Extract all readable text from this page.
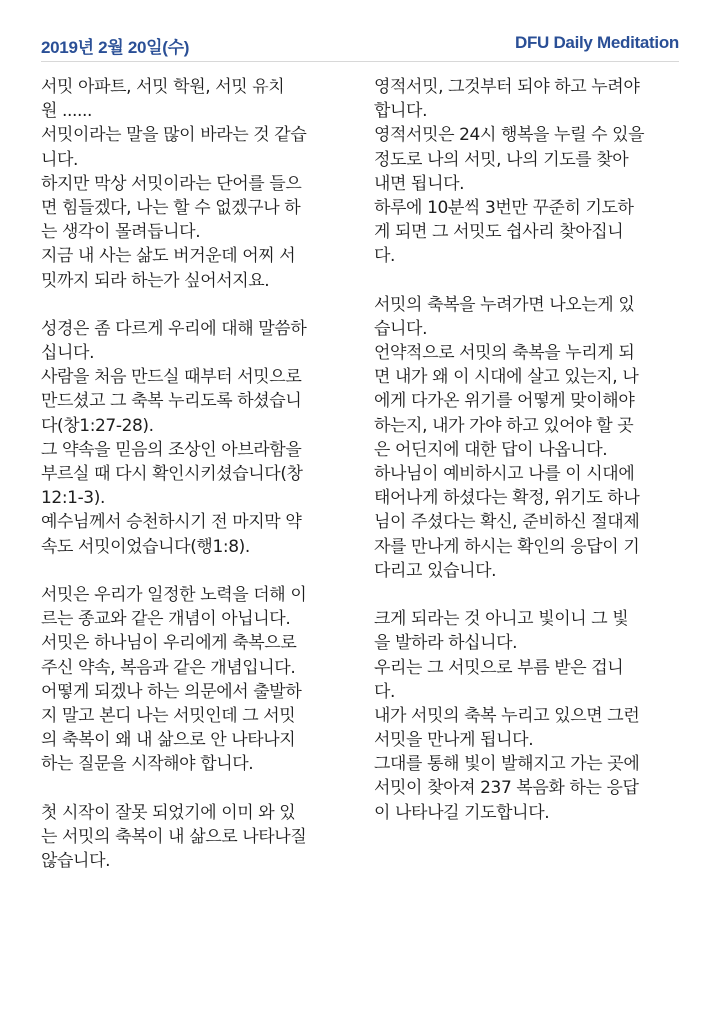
2019년 2월 20일(수)	DFU Daily Meditation
서밋 아파트, 서밋 학원, 서밋 유치
원 ......
서밋이라는 말을 많이 바라는 것 같습
니다.
하지만 막상 서밋이라는 단어를 들으
면 힘들겠다, 나는 할 수 없겠구나 하
는 생각이 몰려듭니다.
지금 내 사는 삶도 버거운데 어찌 서
밋까지 되라 하는가 싶어서지요.
성경은 좀 다르게 우리에 대해 말씀하
십니다.
사람을 처음 만드실 때부터 서밋으로
만드셨고 그 축복 누리도록 하셨습니
다(창1:27-28).
그 약속을 믿음의 조상인 아브라함을
부르실 때 다시 확인시키셨습니다(창
12:1-3).
예수님께서 승천하시기 전 마지막 약
속도 서밋이었습니다(행1:8).
서밋은 우리가 일정한 노력을 더해 이
르는 종교와 같은 개념이 아닙니다.
서밋은 하나님이 우리에게 축복으로
주신 약속, 복음과 같은 개념입니다.
어떻게 되겠나 하는 의문에서 출발하
지 말고 본디 나는 서밋인데 그 서밋
의 축복이 왜 내 삶으로 안 나타나지
하는 질문을 시작해야 합니다.
첫 시작이 잘못 되었기에 이미 와 있
는 서밋의 축복이 내 삶으로 나타나질
않습니다.
영적서밋, 그것부터 되야 하고 누려야
합니다.
영적서밋은 24시 행복을 누릴 수 있을
정도로 나의 서밋, 나의 기도를 찾아
내면 됩니다.
하루에 10분씩 3번만 꾸준히 기도하
게 되면 그 서밋도 쉽사리 찾아집니
다.
서밋의 축복을 누려가면 나오는게 있
습니다.
언약적으로 서밋의 축복을 누리게 되
면 내가 왜 이 시대에 살고 있는지, 나
에게 다가온 위기를 어떻게 맞이해야
하는지, 내가 가야 하고 있어야 할 곳
은 어딘지에 대한 답이 나옵니다.
하나님이 예비하시고 나를 이 시대에
태어나게 하셨다는 확정, 위기도 하나
님이 주셨다는 확신, 준비하신 절대제
자를 만나게 하시는 확인의 응답이 기
다리고 있습니다.
크게 되라는 것 아니고 빛이니 그 빛
을 발하라 하십니다.
우리는 그 서밋으로 부름 받은 겁니
다.
내가 서밋의 축복 누리고 있으면 그런
서밋을 만나게 됩니다.
그대를 통해 빛이 발해지고 가는 곳에
서밋이 찾아져 237 복음화 하는 응답
이 나타나길 기도합니다.
